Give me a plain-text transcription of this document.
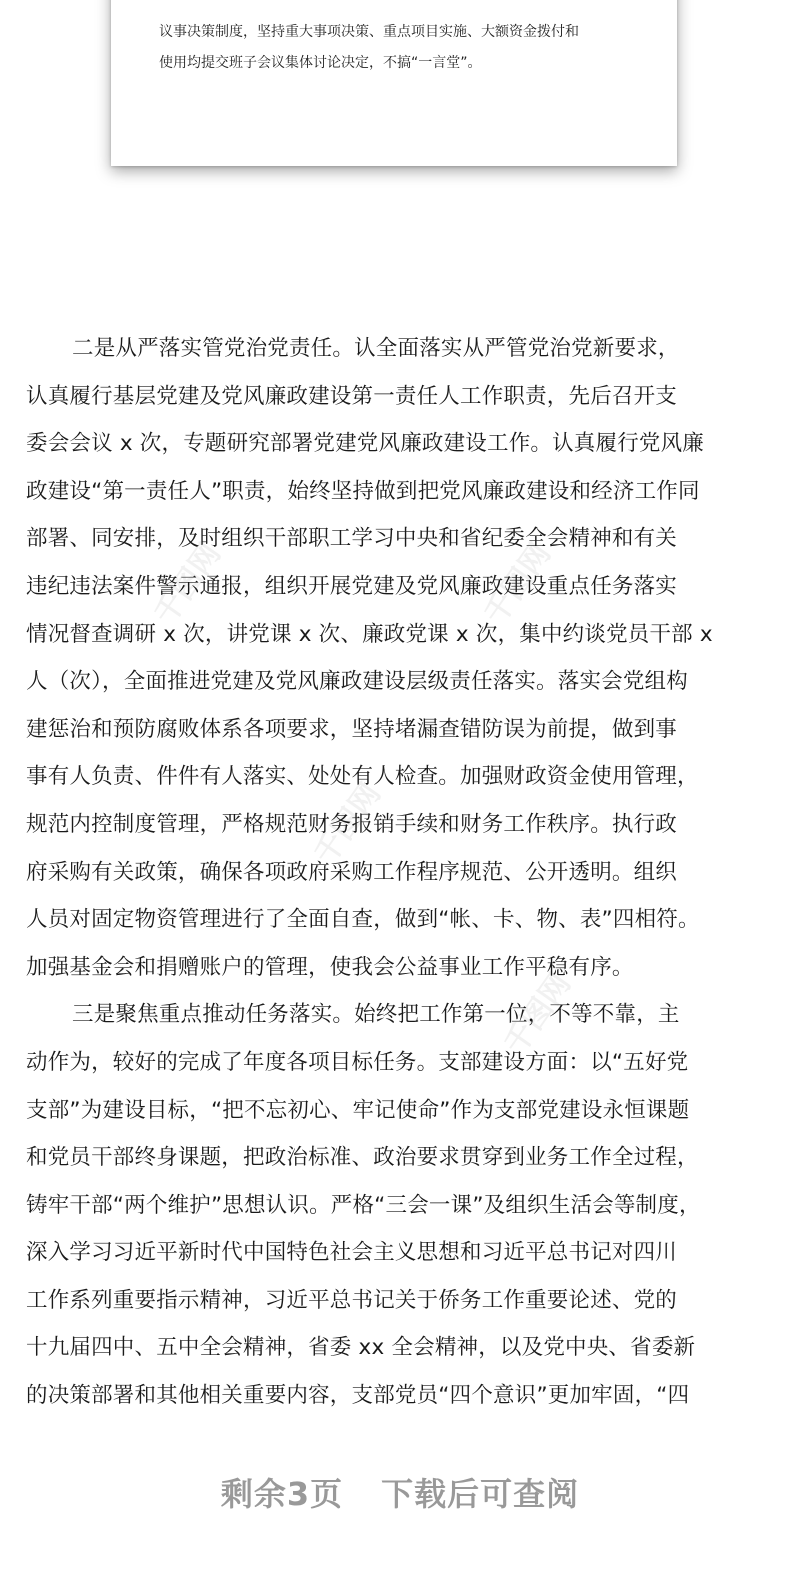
议事决策制度，坚持重大事项决策、重点项目实施、大额资金拨付和
使用均提交班子会议集体讨论决定，不搞“一言堂”。
千图网	千图网
千图网
千图网
二是从严落实管党治党责任。认全面落实从严管党治党新要求，
认真履行基层党建及党风廉政建设第一责任人工作职责，先后召开支
委会会议 x 次，专题研究部署党建党风廉政建设工作。认真履行党风廉
政建设“第一责任人”职责，始终坚持做到把党风廉政建设和经济工作同
部署、同安排，及时组织干部职工学习中央和省纪委全会精神和有关
违纪违法案件警示通报，组织开展党建及党风廉政建设重点任务落实
情况督查调研 x 次，讲党课 x 次、廉政党课 x 次，集中约谈党员干部 x
人（次），全面推进党建及党风廉政建设层级责任落实。落实会党组构
建惩治和预防腐败体系各项要求，坚持堵漏查错防误为前提，做到事
事有人负责、件件有人落实、处处有人检查。加强财政资金使用管理，
规范内控制度管理，严格规范财务报销手续和财务工作秩序。执行政
府采购有关政策，确保各项政府采购工作程序规范、公开透明。组织
人员对固定物资管理进行了全面自查，做到“帐、卡、物、表”四相符。
加强基金会和捐赠账户的管理，使我会公益事业工作平稳有序。
三是聚焦重点推动任务落实。始终把工作第一位，不等不靠，主
动作为，较好的完成了年度各项目标任务。支部建设方面：以“五好党
支部”为建设目标，“把不忘初心、牢记使命”作为支部党建设永恒课题
和党员干部终身课题，把政治标准、政治要求贯穿到业务工作全过程，
铸牢干部“两个维护”思想认识。严格“三会一课”及组织生活会等制度，
深入学习习近平新时代中国特色社会主义思想和习近平总书记对四川
工作系列重要指示精神，习近平总书记关于侨务工作重要论述、党的
十九届四中、五中全会精神，省委 xx 全会精神，以及党中央、省委新
的决策部署和其他相关重要内容，支部党员“四个意识”更加牢固，“四
剩余3页 下载后可查阅
